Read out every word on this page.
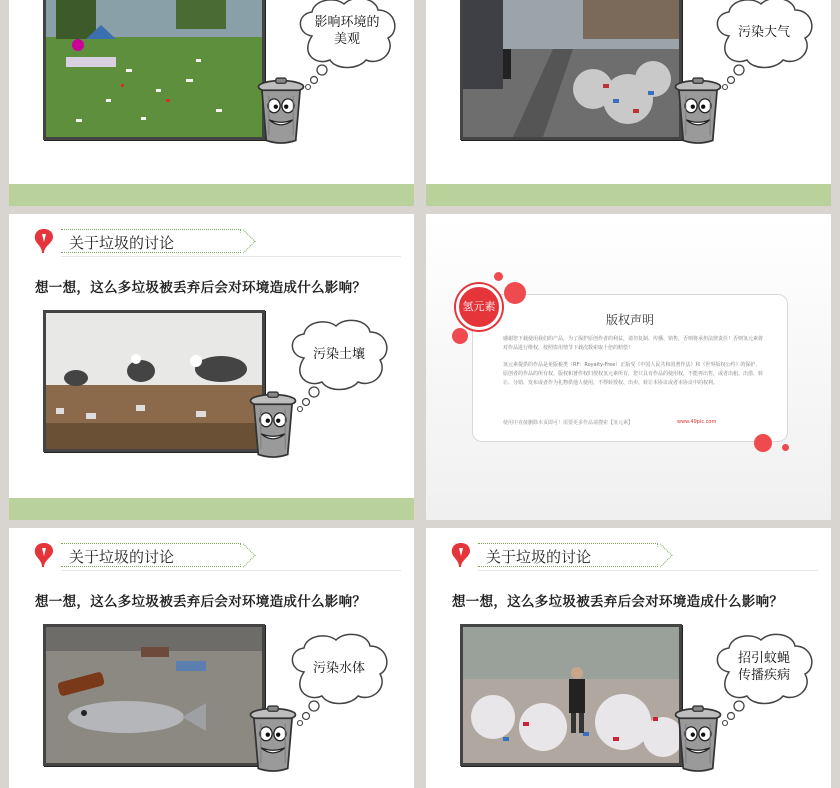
影响环境的
美观	污染大气
关于垃圾的讨论
想一想，这么多垃圾被丢弃后会对环境造成什么影响？
污染土壤
版权声明
感谢您下载使用我们的产品，为了保护原创作者的利益，请勿复制、传播、销售，否则将承担法律责任！否则氢元素将对作品进行维权，按照盗用情节下载次数索取十倍的赔偿！
氢元素提供的作品是免版税类（RF：Royalty-Free）正版受《中国人民共和国著作法》和《世界版权公约》的保护，原创者的作品的所有权、版权和著作权归授权氢元素所有，您只具有作品的使用权，不能再出售，或者出租、出借、转让、分销、发布或者作为礼物供他人使用，不得转授权、出卖、转让本协议或者本协议中的权利。
使用中直接删除本页即可！需要更多作品请搜索【氢元素】	www.49pic.com
氢元素
关于垃圾的讨论
想一想，这么多垃圾被丢弃后会对环境造成什么影响？
污染水体
关于垃圾的讨论
想一想，这么多垃圾被丢弃后会对环境造成什么影响？
招引蚊蝇
传播疾病
